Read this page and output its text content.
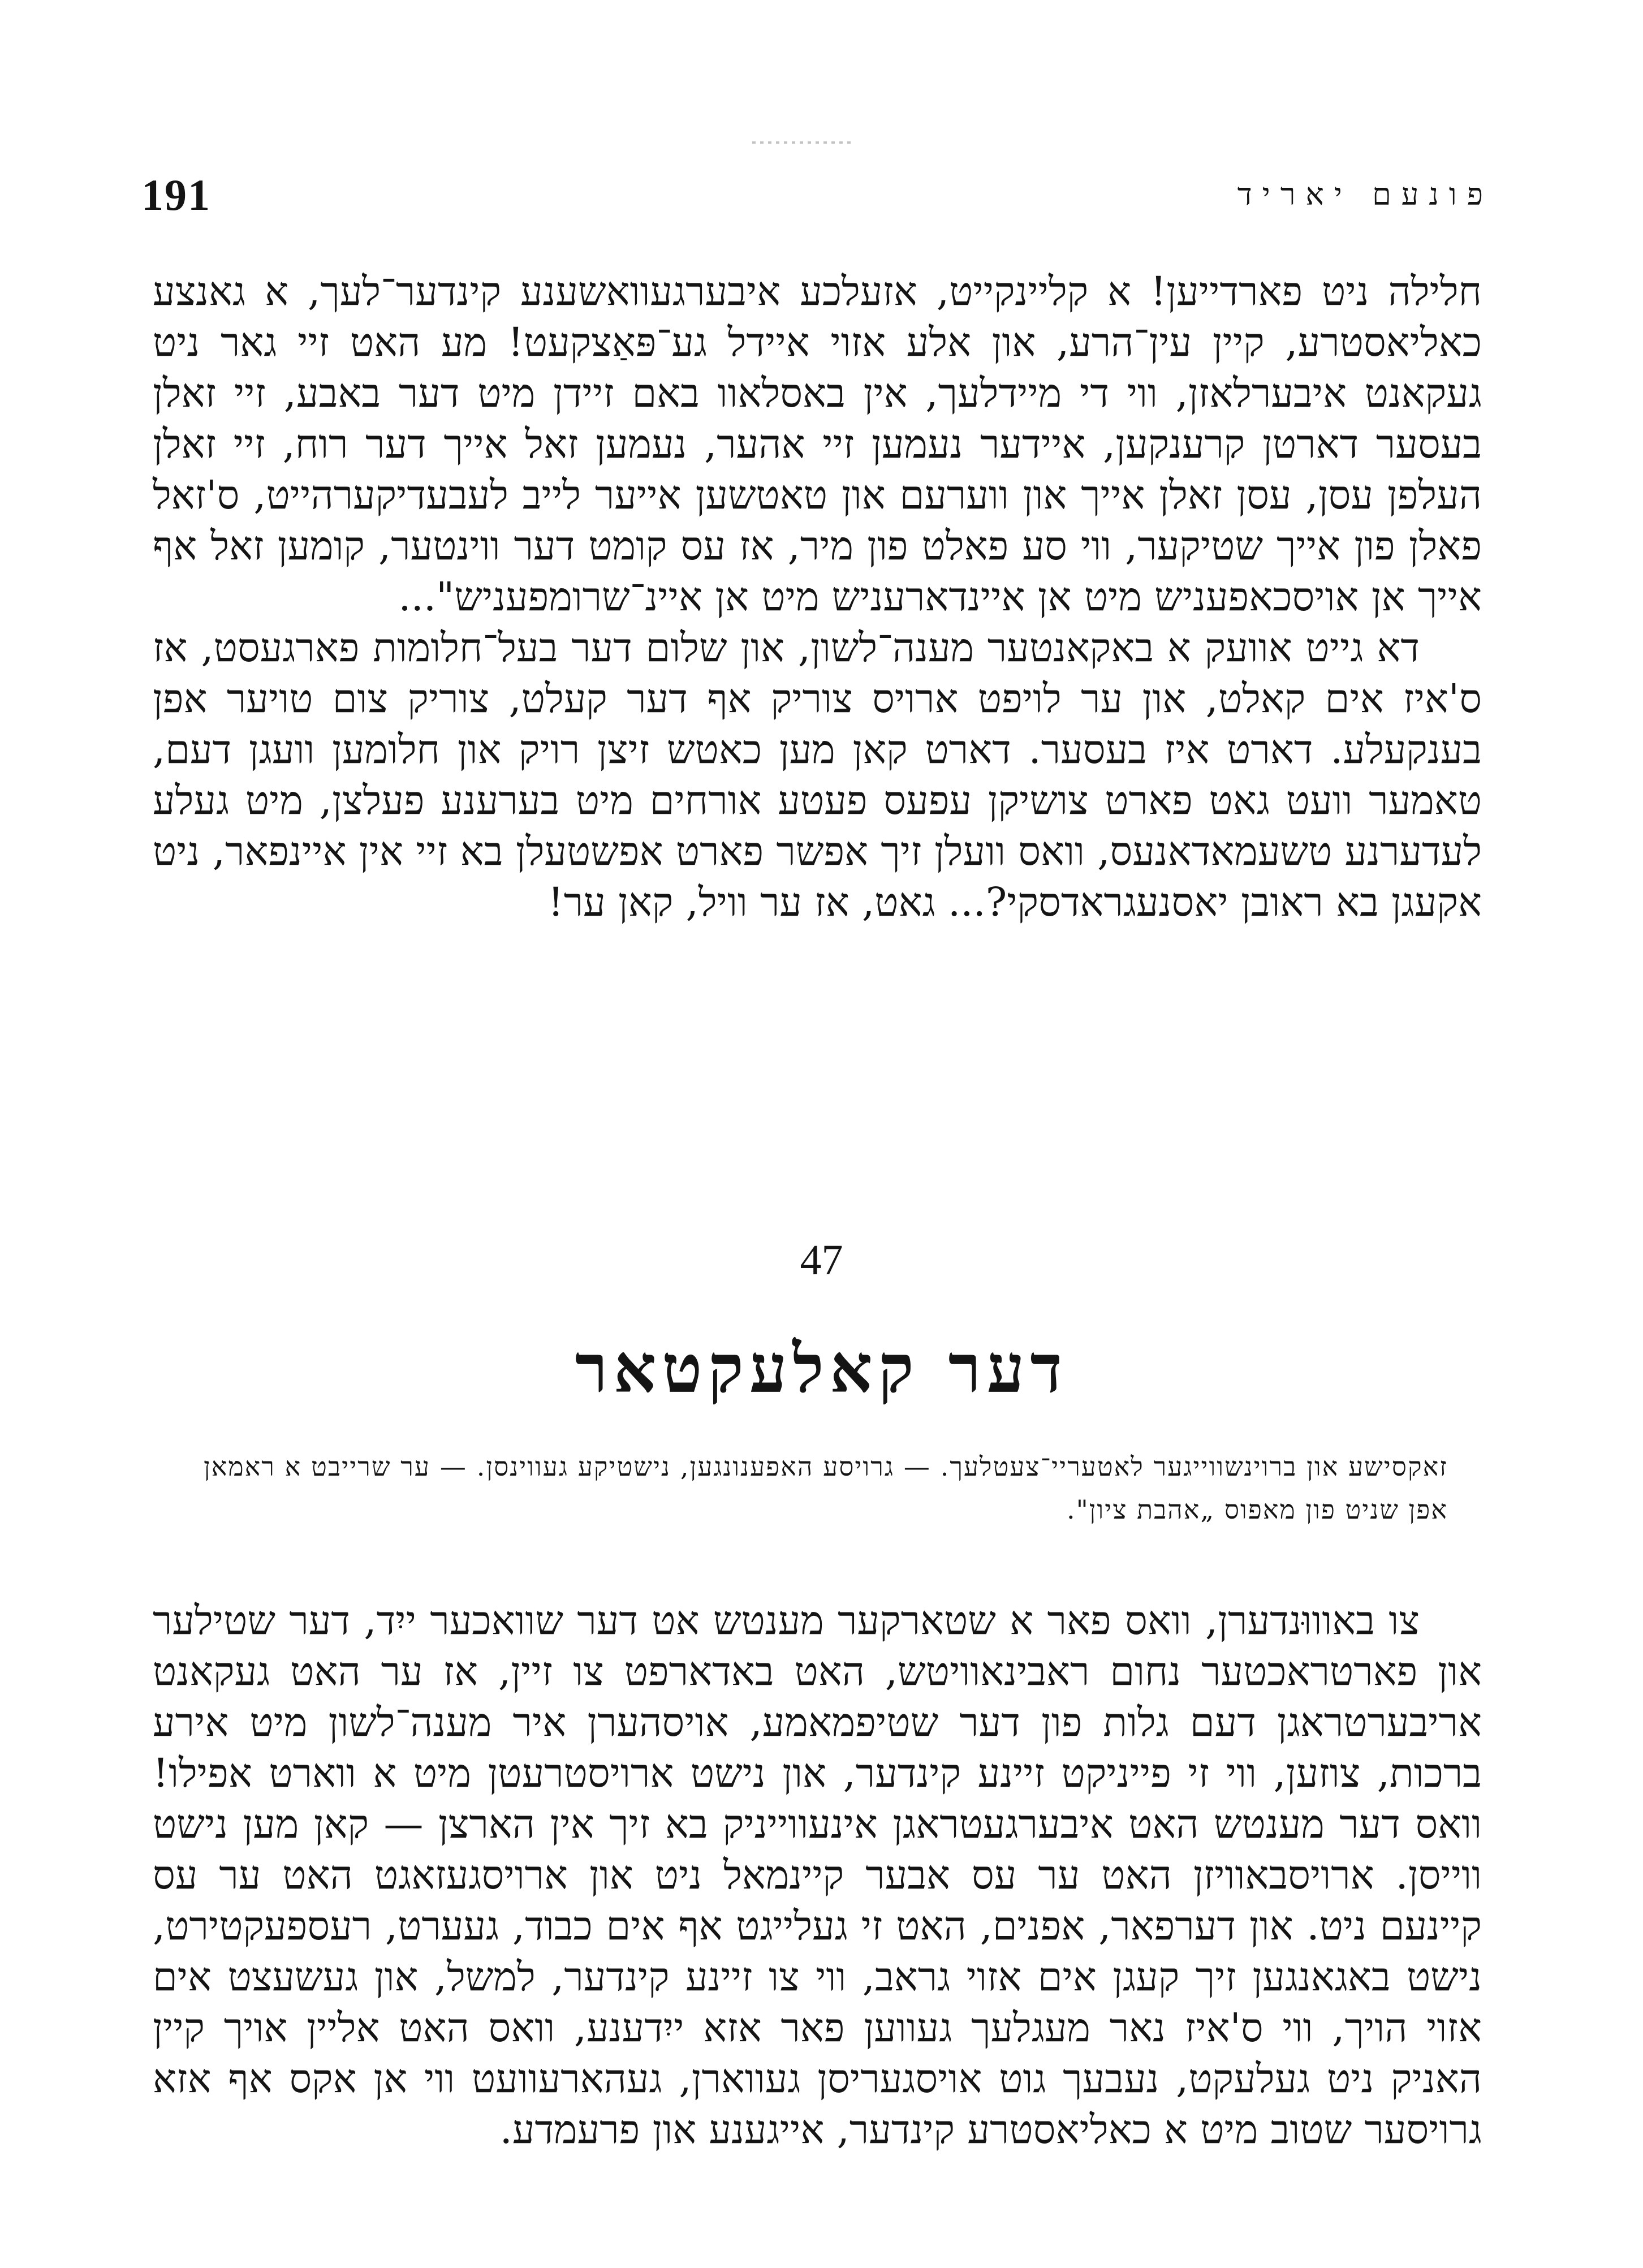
191	פונעם יאריד

חלילה ניט פארדייען! א קליינקייט, אזעלכע איבערגעוואשענע קינדער־לעך, א גאנצע כאליאסטרע, קיין עין־הרע, און אלע אזוי איידל גע־פּאַצקעט! מע האט זיי גאר ניט געקאנט איבערלאזן, ווי די מיידלעך, אין באסלאוו באם זיידן מיט דער באבע, זיי זאלן בעסער דארטן קרענקען, איידער נעמען זיי אהער, נעמען זאל אייך דער רוח, זיי זאלן העלפן עסן, עסן זאלן אייך און ווערעם און טאטשען אייער לייב לעבעדיקערהייט, ס'זאל פאלן פון אייך שטיקער, ווי סע פאלט פון מיר, אז עס קומט דער ווינטער, קומען זאל אף אייך אן אויסכאפעניש מיט אן איינדארעניש מיט אן איינ־שרומפעניש"...

דא גייט אוועק א באקאנטער מענה־לשון, און שלום דער בעל־חלומות פארגעסט, אז ס'איז אים קאלט, און ער לויפט ארויס צוריק אף דער קעלט, צוריק צום טויער אפן בענקעלע. דארט איז בעסער. דארט קאן מען כאטש זיצן רויק און חלומען וועגן דעם, טאמער וועט גאט פארט צושיקן עפעס פעטע אורחים מיט בערענע פעלצן, מיט געלע לעדערנע טשעמאדאנעס, וואס וועלן זיך אפשר פארט אפשטעלן בא זיי אין איינפאר, ניט אקעגן בא ראובן יאסנעגראדסקי?... גאט, אז ער וויל, קאן ער!

47
דער קאלעקטאר
זאקסישע און ברוינשווייגער לאטעריי־צעטלעך. — גרויסע האפענונגען, נישטיקע געווינסן. — ער שרייבט א ראמאן אפן שניט פון מאפוס „אהבת ציון".

צו באוווּנדערן, וואס פאר א שטארקער מענטש אט דער שוואכער ייִד, דער שטילער און פארטראכטער נחום ראבינאוויטש, האט באדארפט צו זיין, אז ער האט געקאנט אריבערטראגן דעם גלות פון דער שטיפמאמע, אויסהערן איר מענה־לשון מיט אירע ברכות, צוזען, ווי זי פייניקט זיינע קינדער, און נישט ארויסטרעטן מיט א ווארט אפילו! וואס דער מענטש האט איבערגעטראגן אינעווייניק בא זיך אין הארצן — קאן מען נישט ווייסן. ארויסבאוויזן האט ער עס אבער קיינמאל ניט און ארויסגעזאגט האט ער עס קיינעם ניט. און דערפאר, אפנים, האט זי געלייגט אף אים כבוד, געערט, רעספעקטירט, נישט באגאנגען זיך קעגן אים אזוי גראב, ווי צו זיינע קינדער, למשל, און געשעצט אים אזוי הויך, ווי ס'איז נאר מעגלעך געווען פאר אזא ייִדענע, וואס האט אליין אויך קיין האניק ניט געלעקט, נעבעך גוט אויסגעריסן געווארן, געהארעוועט ווי אן אקס אף אזא גרויסער שטוב מיט א כאליאסטרע קינדער, אייגענע און פרעמדע.
